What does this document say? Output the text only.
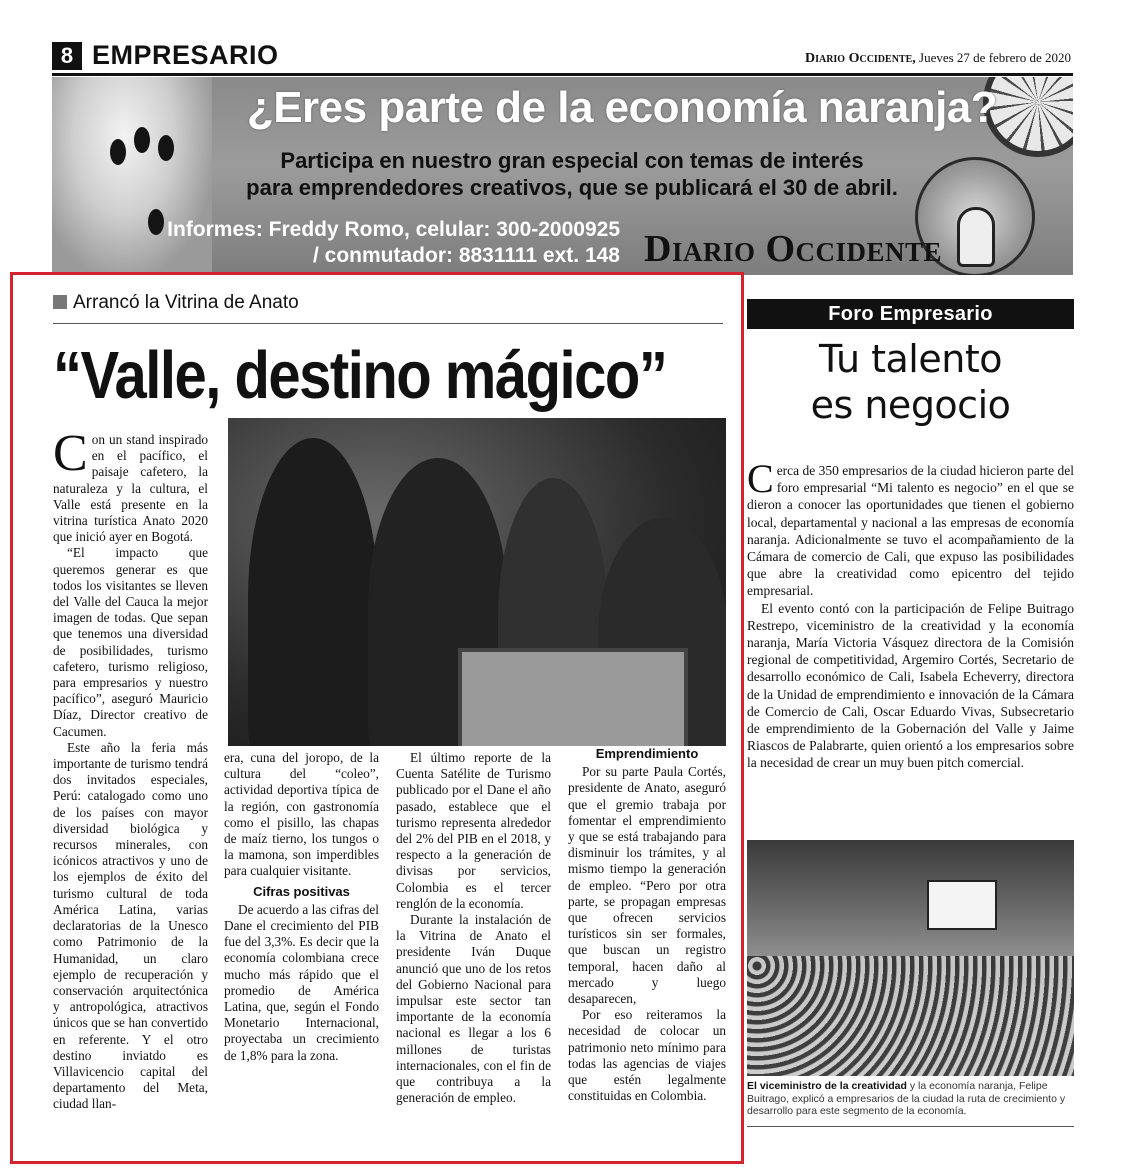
8 EMPRESARIO	Diario Occidente, Jueves 27 de febrero de 2020
¿Eres parte de la economía naranja?
Participa en nuestro gran especial con temas de interés
para emprendedores creativos, que se publicará el 30 de abril.
Informes: Freddy Romo, celular: 300-2000925
/ conmutador: 8831111 ext. 148 Diario Occidente
Arrancó la Vitrina de Anato
“Valle, destino mágico”

Con un stand inspirado en el pacífico, el paisaje cafetero, la naturaleza y la cultura, el Valle está presente en la vitrina turística Anato 2020 que inició ayer en Bogotá.

“El impacto que queremos generar es que todos los visitantes se lleven del Valle del Cauca la mejor imagen de todas. Que sepan que tenemos una diversidad de posibilidades, turismo cafetero, turismo religioso, para empresarios y nuestro pacífico”, aseguró Mauricio Díaz, Director creativo de Cacumen.

Este año la feria más importante de turismo tendrá dos invitados especiales, Perú: catalogado como uno de los países con mayor diversidad biológica y recursos minerales, con icónicos atractivos y uno de los ejemplos de éxito del turismo cultural de toda América Latina, varias declaratorias de la Unesco como Patrimonio de la Humanidad, un claro ejemplo de recuperación y conservación arquitectónica y antropológica, atractivos únicos que se han convertido en referente. Y el otro destino inviatdo es Villavicencio capital del departamento del Meta, ciudad llan-

era, cuna del joropo, de la cultura del “coleo”, actividad deportiva típica de la región, con gastronomía como el pisillo, las chapas de maíz tierno, los tungos o la mamona, son imperdibles para cualquier visitante.

Cifras positivas

De acuerdo a las cifras del Dane el crecimiento del PIB fue del 3,3%. Es decir que la economía colombiana crece mucho más rápido que el promedio de América Latina, que, según el Fondo Monetario Internacional, proyectaba un crecimiento de 1,8% para la zona.

El último reporte de la Cuenta Satélite de Turismo publicado por el Dane el año pasado, establece que el turismo representa alrededor del 2% del PIB en el 2018, y respecto a la generación de divisas por servicios, Colombia es el tercer renglón de la economía.

Durante la instalación de la Vitrina de Anato el presidente Iván Duque anunció que uno de los retos del Gobierno Nacional para impulsar este sector tan importante de la economía nacional es llegar a los 6 millones de turistas internacionales, con el fin de que contribuya a la generación de empleo.

Emprendimiento

Por su parte Paula Cortés, presidente de Anato, aseguró que el gremio trabaja por fomentar el emprendimiento y que se está trabajando para disminuir los trámites, y al mismo tiempo la generación de empleo. “Pero por otra parte, se propagan empresas que ofrecen servicios turísticos sin ser formales, que buscan un registro temporal, hacen daño al mercado y luego desaparecen,

Por eso reiteramos la necesidad de colocar un patrimonio neto mínimo para todas las agencias de viajes que estén legalmente constituidas en Colombia.

Foro Empresario
Tu talento
es negocio

Cerca de 350 empresarios de la ciudad hicieron parte del foro empresarial “Mi talento es negocio” en el que se dieron a conocer las oportunidades que tienen el gobierno local, departamental y nacional a las empresas de economía naranja. Adicionalmente se tuvo el acompañamiento de la Cámara de comercio de Cali, que expuso las posibilidades que abre la creatividad como epicentro del tejido empresarial.

El evento contó con la participación de Felipe Buitrago Restrepo, viceministro de la creatividad y la economía naranja, María Victoria Vásquez directora de la Comisión regional de competitividad, Argemiro Cortés, Secretario de desarrollo económico de Cali, Isabela Echeverry, directora de la Unidad de emprendimiento e innovación de la Cámara de Comercio de Cali, Oscar Eduardo Vivas, Subsecretario de emprendimiento de la Gobernación del Valle y Jaime Riascos de Palabrarte, quien orientó a los empresarios sobre la necesidad de crear un muy buen pitch comercial.

El viceministro de la creatividad y la economía naranja, Felipe Buitrago, explicó a empresarios de la ciudad la ruta de crecimiento y desarrollo para este segmento de la economía.
